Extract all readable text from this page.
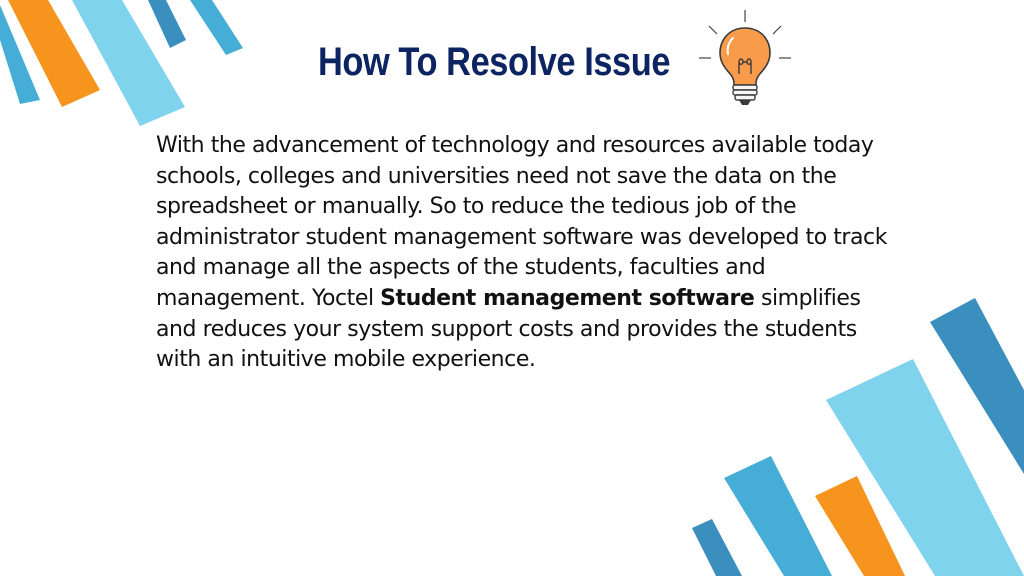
How To Resolve Issue
With the advancement of technology and resources available today schools, colleges and universities need not save the data on the spreadsheet or manually. So to reduce the tedious job of the administrator student management software was developed to track and manage all the aspects of the students, faculties and management. Yoctel Student management software simplifies and reduces your system support costs and provides the students with an intuitive mobile experience.
